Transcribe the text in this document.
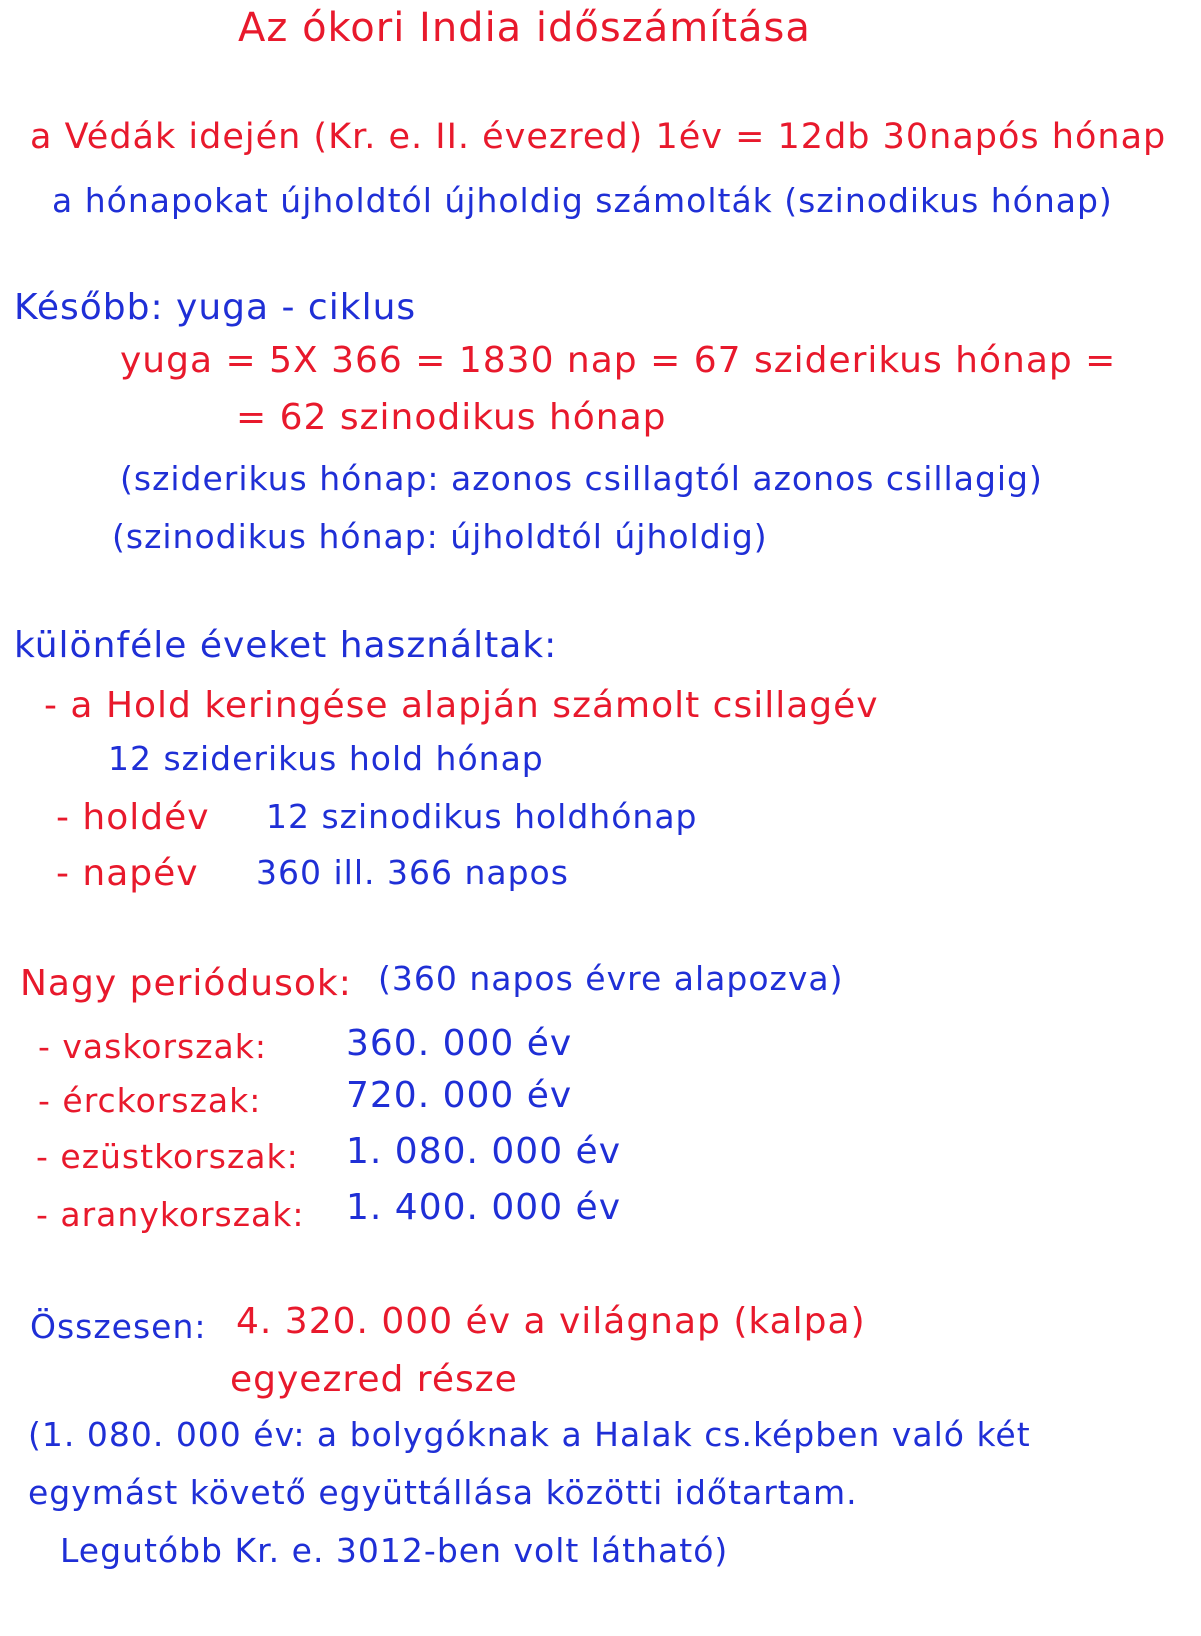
Az ókori India időszámítása
a Védák idején (Kr. e. II. évezred) 1év = 12db 30napós hónap
a hónapokat újholdtól újholdig számolták (szinodikus hónap)
Később: yuga - ciklus
yuga = 5X 366 = 1830 nap = 67 sziderikus hónap =
= 62 szinodikus hónap
(sziderikus hónap: azonos csillagtól azonos csillagig)
(szinodikus hónap: újholdtól újholdig)
különféle éveket használtak:
- a Hold keringése alapján számolt csillagév
12 sziderikus hold hónap
- holdév 12 szinodikus holdhónap
- napév 360 ill. 366 napos
Nagy periódusok: (360 napos évre alapozva)
- vaskorszak: 360. 000 év
- érckorszak: 720. 000 év
- ezüstkorszak: 1. 080. 000 év
- aranykorszak: 1. 400. 000 év
Összesen: 4. 320. 000 év a világnap (kalpa)
egyezred része
(1. 080. 000 év: a bolygóknak a Halak cs.képben való két
egymást követő együttállása közötti időtartam.
Legutóbb Kr. e. 3012-ben volt látható)
